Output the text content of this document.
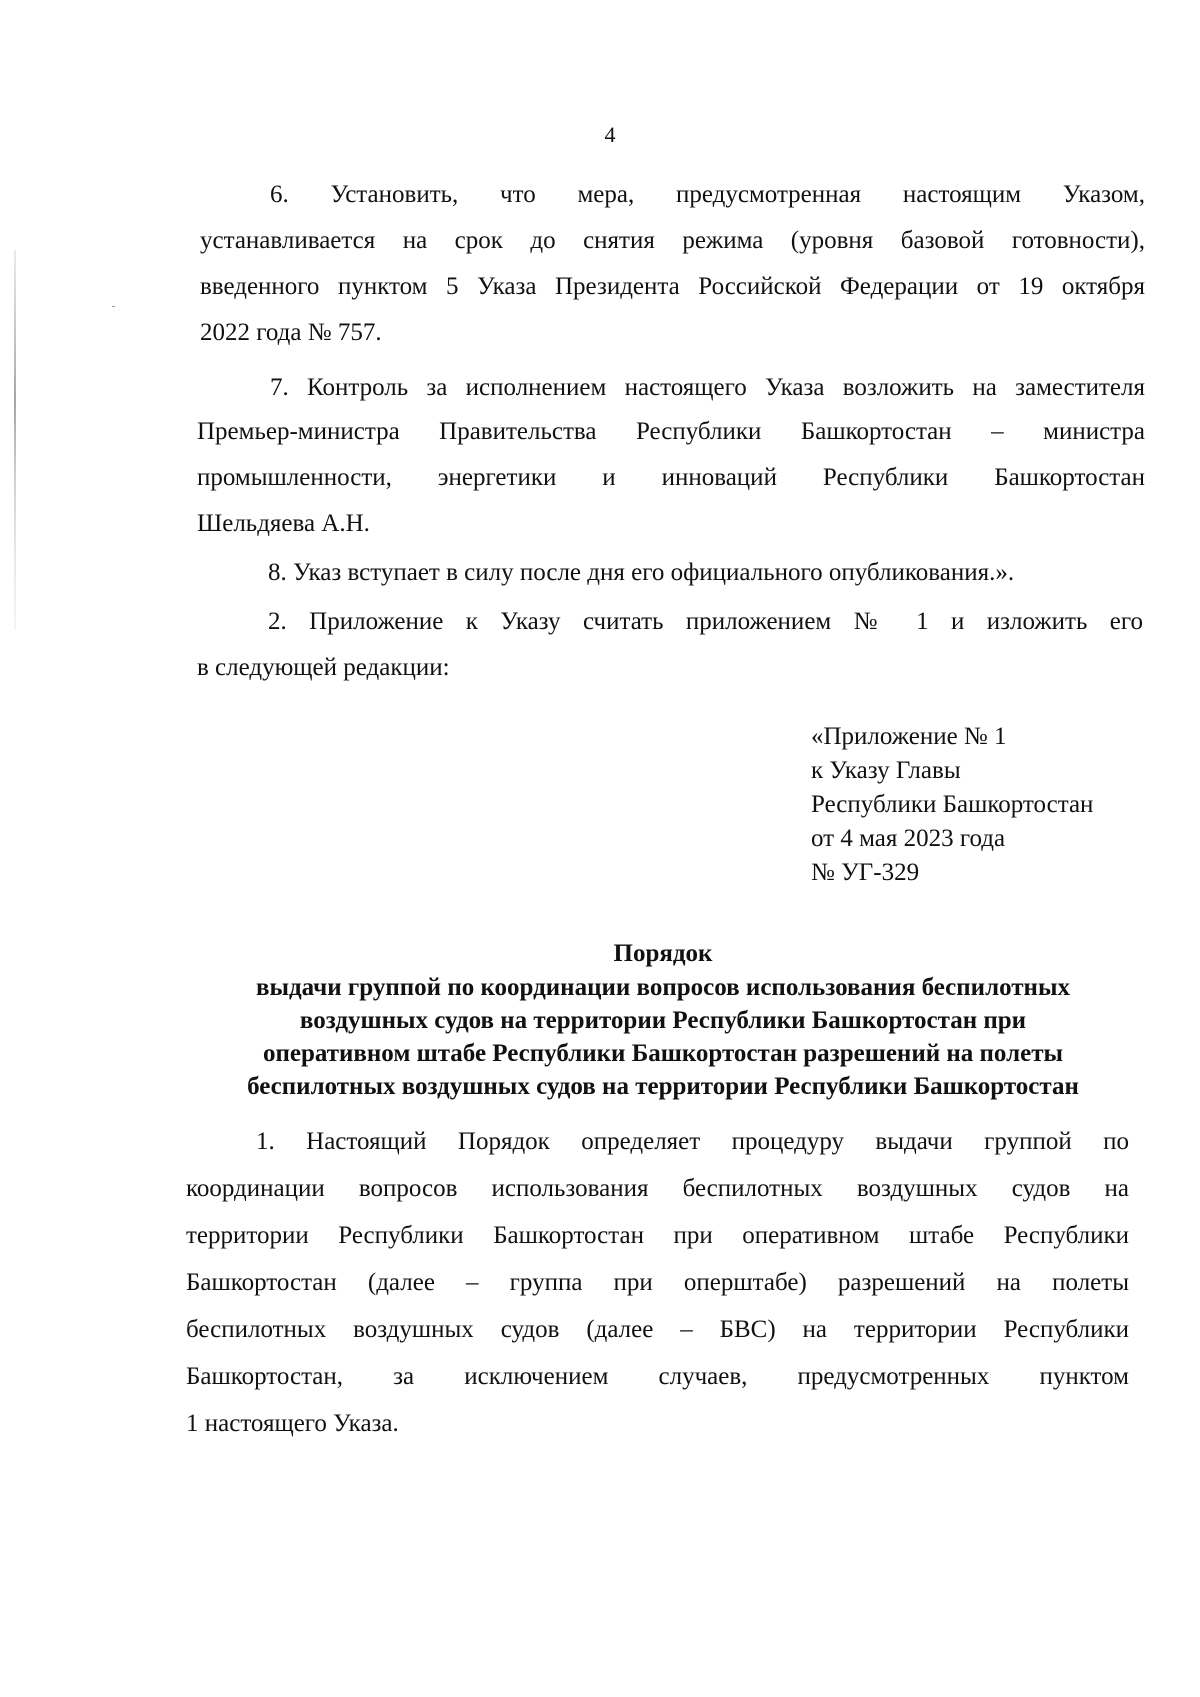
4
6. Установить, что мера, предусмотренная настоящим Указом,
устанавливается на срок до снятия режима (уровня базовой готовности),
введенного пунктом 5 Указа Президента Российской Федерации от 19 октября
2022 года № 757.
7. Контроль за исполнением настоящего Указа возложить на заместителя
Премьер-министра Правительства Республики Башкортостан – министра
промышленности, энергетики и инноваций Республики Башкортостан
Шельдяева А.Н.
8. Указ вступает в силу после дня его официального опубликования.».
2. Приложение к Указу считать приложением № 1 и изложить его
в следующей редакции:
«Приложение № 1
к Указу Главы
Республики Башкортостан
от 4 мая 2023 года
№ УГ-329
Порядок
выдачи группой по координации вопросов использования беспилотных
воздушных судов на территории Республики Башкортостан при
оперативном штабе Республики Башкортостан разрешений на полеты
беспилотных воздушных судов на территории Республики Башкортостан
1. Настоящий Порядок определяет процедуру выдачи группой по
координации вопросов использования беспилотных воздушных судов на
территории Республики Башкортостан при оперативном штабе Республики
Башкортостан (далее – группа при оперштабе) разрешений на полеты
беспилотных воздушных судов (далее – БВС) на территории Республики
Башкортостан, за исключением случаев, предусмотренных пунктом
1 настоящего Указа.
